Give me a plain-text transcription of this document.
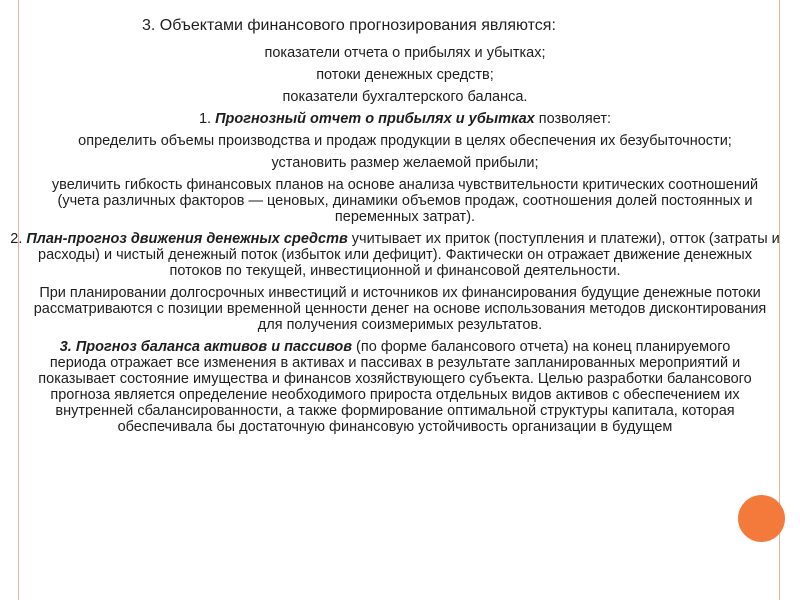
3. Объектами финансового прогнозирования являются:

показатели отчета о прибылях и убытках;

потоки денежных средств;

показатели бухгалтерского баланса.

1. Прогнозный отчет о прибылях и убытках позволяет:

определить объемы производства и продаж продукции в целях обеспечения их безубыточности;

установить размер желаемой прибыли;

увеличить гибкость финансовых планов на основе анализа чувствительности критических соотношений (учета различных факторов — ценовых, динамики объемов продаж, соотношения долей постоянных и переменных затрат).

2. План-прогноз движения денежных средств учитывает их приток (поступления и платежи), отток (затраты и расходы) и чистый денежный поток (избыток или дефицит). Фактически он отражает движение денежных потоков по текущей, инвестиционной и финансовой деятельности.

При планировании долгосрочных инвестиций и источников их финансирования будущие денежные потоки рассматриваются с позиции временной ценности денег на основе использования методов дисконтирования для получения соизмеримых результатов.

3. Прогноз баланса активов и пассивов (по форме балансового отчета) на конец планируемого периода отражает все изменения в активах и пассивах в результате запланированных мероприятий и показывает состояние имущества и финансов хозяйствующего субъекта. Целью разработки балансового прогноза является определение необходимого прироста отдельных видов активов с обеспечением их внутренней сбалансированности, а также формирование оптимальной структуры капитала, которая обеспечивала бы достаточную финансовую устойчивость организации в будущем
